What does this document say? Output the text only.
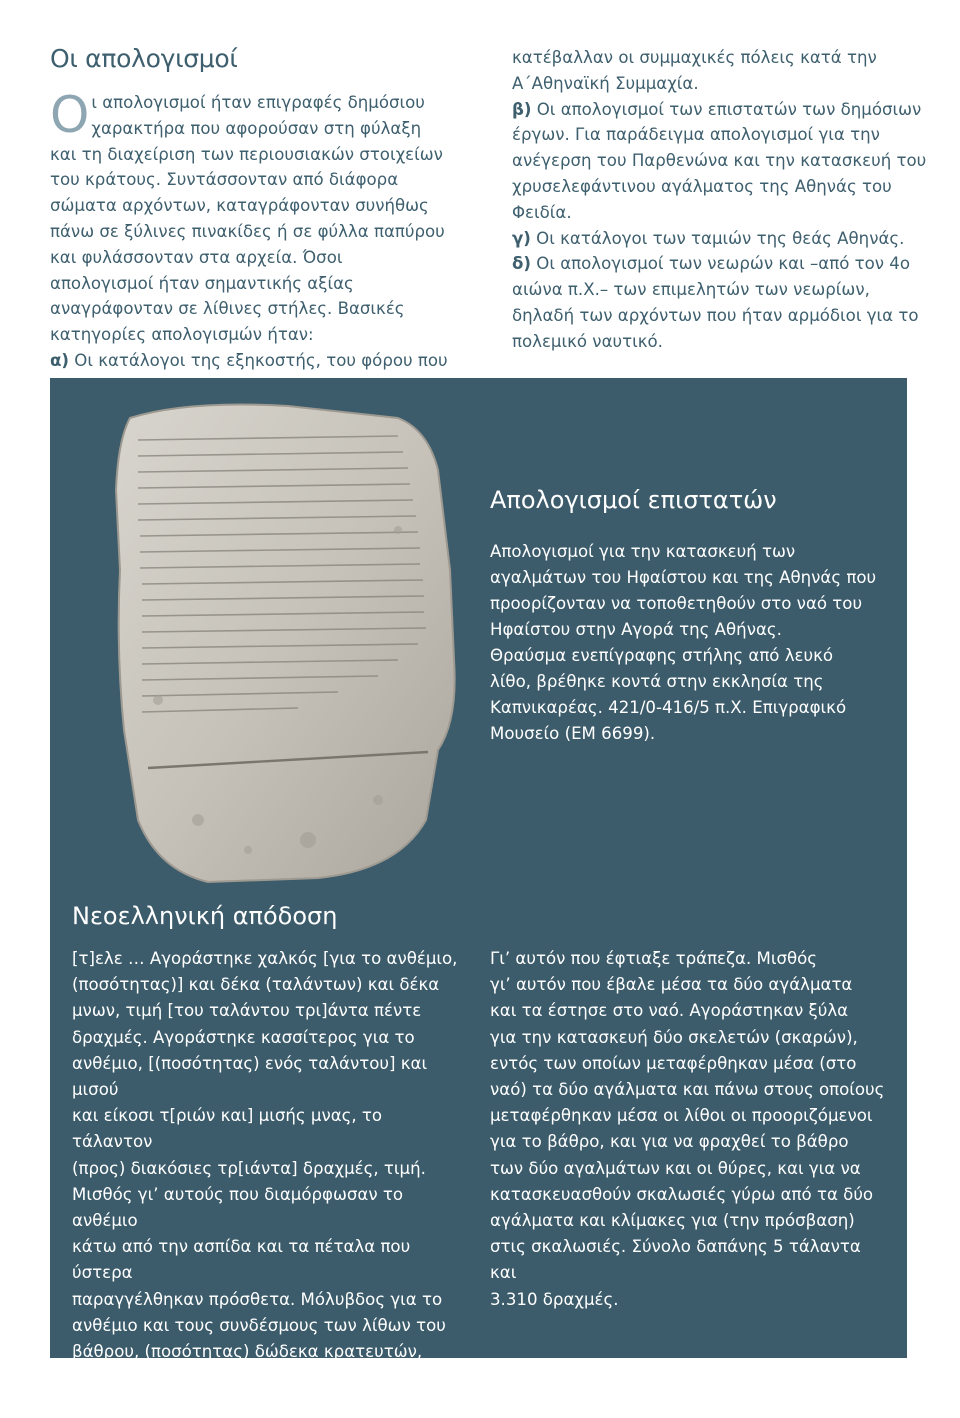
Οι απολογισμοί

Oι απολογισμοί ήταν επιγραφές δημόσιου χαρακτήρα που αφορούσαν στη φύλαξη και τη διαχείριση των περιουσιακών στοιχείων του κράτους. Συντάσσονταν από διάφορα σώματα αρχόντων, καταγράφονταν συνήθως πάνω σε ξύλινες πινακίδες ή σε φύλλα παπύρου και φυλάσσονταν στα αρχεία. Όσοι απολογισμοί ήταν σημαντικής αξίας αναγράφονταν σε λίθινες στήλες. Βασικές κατηγορίες απολογισμών ήταν:
α) Οι κατάλογοι της εξηκοστής, του φόρου που

κατέβαλλαν οι συμμαχικές πόλεις κατά την Α΄Αθηναϊκή Συμμαχία.

β) Οι απολογισμοί των επιστατών των δημόσιων έργων. Για παράδειγμα απολογισμοί για την ανέγερση του Παρθενώνα και την κατασκευή του χρυσελεφάντινου αγάλματος της Αθηνάς του Φειδία.

γ) Οι κατάλογοι των ταμιών της θεάς Αθηνάς.

δ) Οι απολογισμοί των νεωρών και –από τον 4ο αιώνα π.Χ.– των επιμελητών των νεωρίων, δηλαδή των αρχόντων που ήταν αρμόδιοι για το πολεμικό ναυτικό.

Απολογισμοί επιστατών

Απολογισμοί για την κατασκευή των

αγαλμάτων του Ηφαίστου και της Αθηνάς που

προορίζονταν να τοποθετηθούν στο ναό του

Ηφαίστου στην Αγορά της Αθήνας.

Θραύσμα ενεπίγραφης στήλης από λευκό

λίθο, βρέθηκε κοντά στην εκκλησία της

Καπνικαρέας. 421/0-416/5 π.Χ. Επιγραφικό

Μουσείο (ΕΜ 6699).

Νεοελληνική απόδοση

[τ]ελε … Αγοράστηκε χαλκός [για το ανθέμιο,

(ποσότητας)] και δέκα (ταλάντων) και δέκα

μνων, τιμή [του ταλάντου τρι]άντα πέντε

δραχμές. Αγοράστηκε κασσίτερος για το

ανθέμιο, [(ποσότητας) ενός ταλάντου] και μισού

και είκοσι τ[ριών και] μισής μνας, το τάλαντον

(προς) διακόσιες τρ[ιάντα] δραχμές, τιμή.

Μισθός γι’ αυτούς που διαμόρφωσαν το ανθέμιο

κάτω από την ασπίδα και τα πέταλα που ύστερα

παραγγέλθηκαν πρόσθετα. Μόλυβδος για το

ανθέμιο και τους συνδέσμους των λίθων του

βάθρου, (ποσότητας) δώδεκα κρατευτών, τιμή.

Ξύλα και άνθρακες για το μόλυβδο.

Γι’ αυτόν που έφτιαξε τράπεζα. Μισθός

γι’ αυτόν που έβαλε μέσα τα δύο αγάλματα

και τα έστησε στο ναό. Αγοράστηκαν ξύλα

για την κατασκευή δύο σκελετών (σκαρών),

εντός των οποίων μεταφέρθηκαν μέσα (στο

ναό) τα δύο αγάλματα και πάνω στους οποίους

μεταφέρθηκαν μέσα οι λίθοι οι προοριζόμενοι

για το βάθρο, και για να φραχθεί το βάθρο

των δύο αγαλμάτων και οι θύρες, και για να

κατασκευασθούν σκαλωσιές γύρω από τα δύο

αγάλματα και κλίμακες για (την πρόσβαση)

στις σκαλωσιές. Σύνολο δαπάνης 5 τάλαντα και

3.310 δραχμές.
